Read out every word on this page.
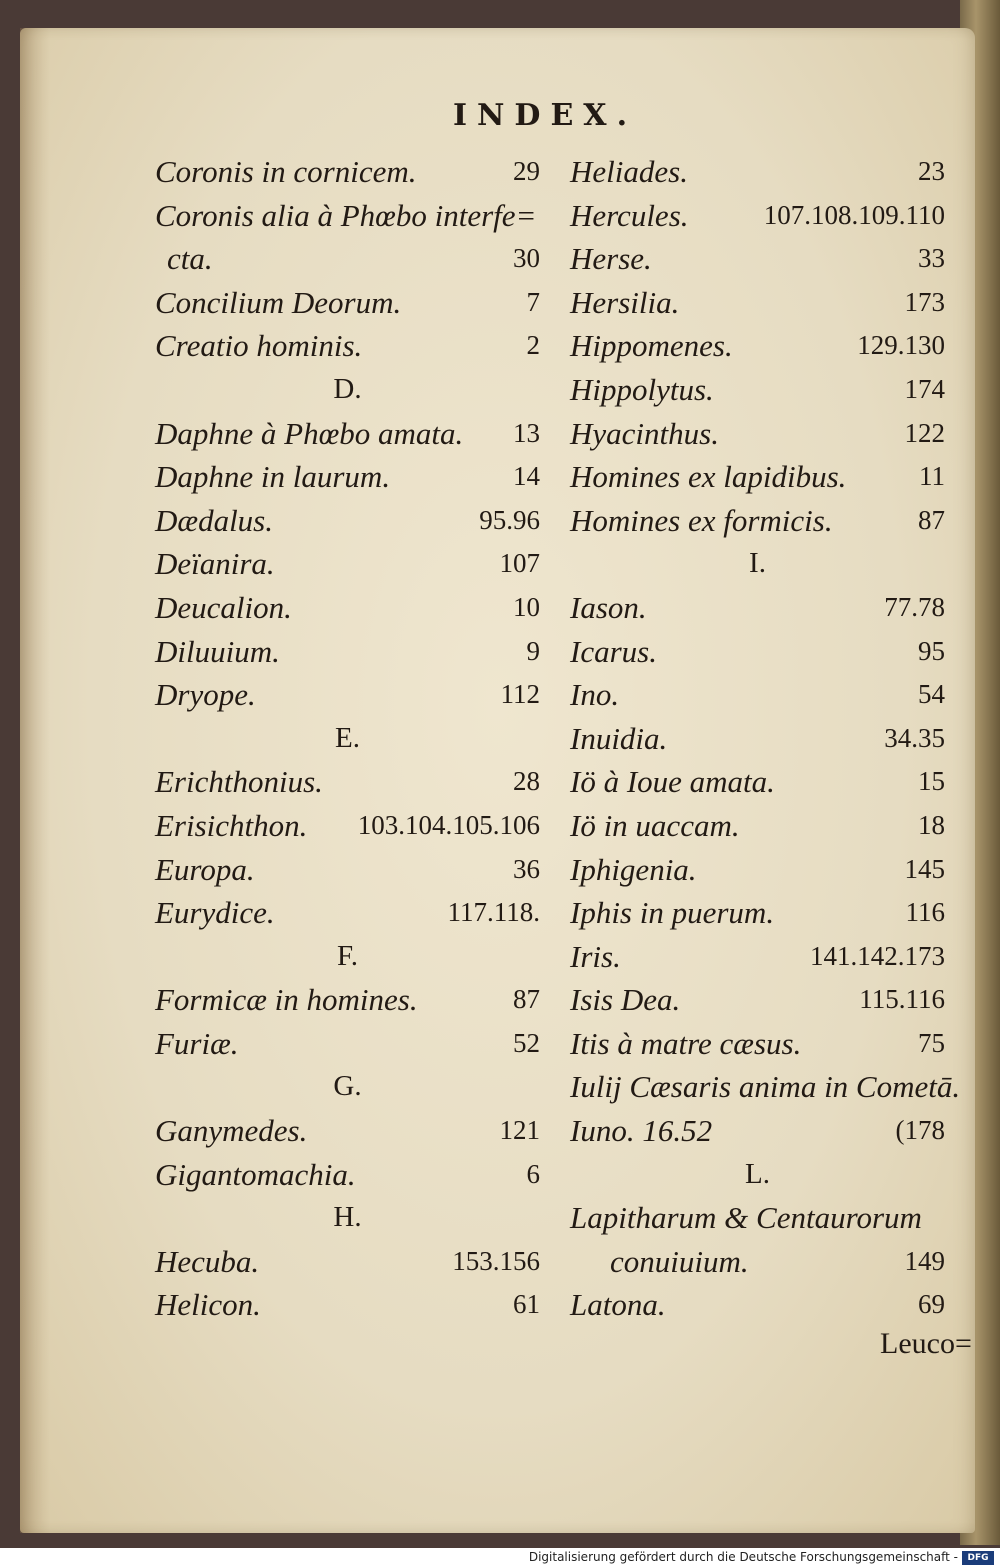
INDEX.
Coronis in cornicem.	29
Coronis alia à Phœbo interfe=
cta.	30
Concilium Deorum.	7
Creatio hominis.	2
D.
Daphne à Phœbo amata. 13
Daphne in laurum.	14
Dædalus.	95.96
Deïanira.	107
Deucalion.	10
Diluuium.	9
Dryope.	112
E.
Erichthonius.	28
Erisichthon. 103.104.105.106
Europa.	36
Eurydice.	117.118.
F.
Formicæ in homines.	87
Furiæ.	52
G.
Ganymedes.	121
Gigantomachia.	6
H.
Hecuba.	153.156
Helicon.	61
Heliades.	23
Hercules.	107.108.109.110
Herse.	33
Hersilia.	173
Hippomenes.	129.130
Hippolytus.	174
Hyacinthus.	122
Homines ex lapidibus.	11
Homines ex formicis.	87
I.
Iason.	77.78
Icarus.	95
Ino.	54
Inuidia.	34.35
Iö à Ioue amata.	15
Iö in uaccam.	18
Iphigenia.	145
Iphis in puerum.	116
Iris.	141.142.173
Isis Dea.	115.116
Itis à matre cæsus.	75
Iulij Cæsaris anima in Cometā.
Iuno. 16.52	(178
L.
Lapitharum & Centaurorum
conuiuium.	149
Latona.	69
Leuco=
Digitalisierung gefördert durch die Deutsche Forschungsgemeinschaft -	DFG
